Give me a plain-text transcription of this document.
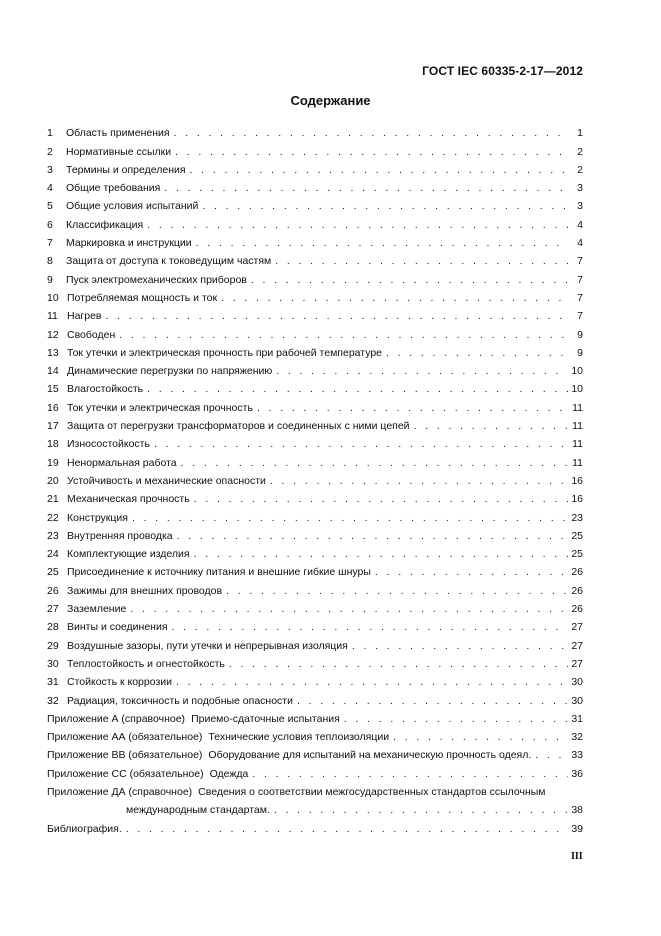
ГОСТ IEC 60335-2-17—2012
Содержание
1	Область применения . . .	1
2	Нормативные ссылки . . .	2
3	Термины и определения . . .	2
4	Общие требования . . .	3
5	Общие условия испытаний . . .	3
6	Классификация . . .	4
7	Маркировка и инструкции . . .	4
8	Защита от доступа к токоведущим частям . . .	7
9	Пуск электромеханических приборов . . .	7
10 Потребляемая мощность и ток . . .	7
11 Нагрев . . .	7
12 Свободен . . .	9
13 Ток утечки и электрическая прочность при рабочей температуре . . .	9
14 Динамические перегрузки по напряжению . . .	10
15 Влагостойкость . . .	10
16 Ток утечки и электрическая прочность . . .	11
17 Защита от перегрузки трансформаторов и соединенных с ними цепей . . .	11
18 Износостойкость . . .	11
19 Ненормальная работа . . .	11
20 Устойчивость и механические опасности . . .	16
21 Механическая прочность . . .	16
22 Конструкция . . .	23
23 Внутренняя проводка . . .	25
24 Комплектующие изделия . . .	25
25 Присоединение к источнику питания и внешние гибкие шнуры . . .	26
26 Зажимы для внешних проводов . . .	26
27 Заземление . . .	26
28 Винты и соединения . . .	27
29 Воздушные зазоры, пути утечки и непрерывная изоляция . . .	27
30 Теплостойкость и огнестойкость . . .	27
31 Стойкость к коррозии . . .	30
32 Радиация, токсичность и подобные опасности . . .	30
Приложение А (справочное) Приемо-сдаточные испытания . . .	31
Приложение АА (обязательное) Технические условия теплоизоляции . . .	32
Приложение ВВ (обязательное) Оборудование для испытаний на механическую прочность одеял. . . .	33
Приложение СС (обязательное) Одежда . . .	36
Приложение ДА (справочное) Сведения о соответствии межгосударственных стандартов ссылочным
международным стандартам. . . .	38
Библиография. . . .	39
III
